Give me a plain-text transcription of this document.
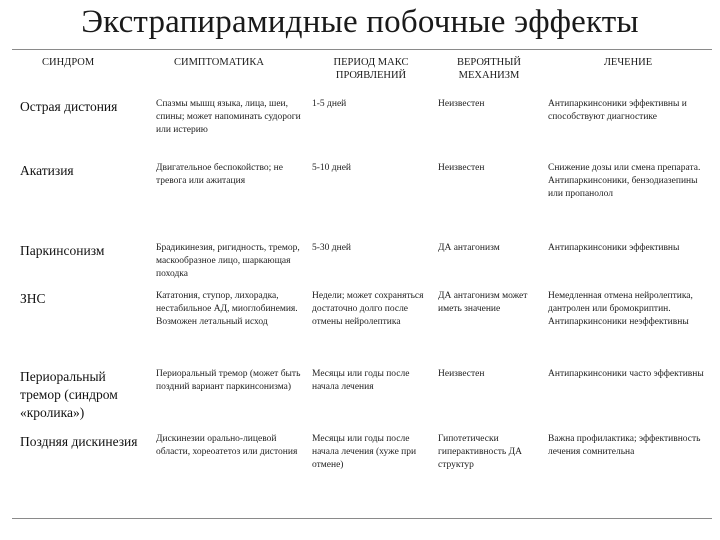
Экстрапирамидные побочные эффекты
СИНДРОМ	СИМПТОМАТИКА	ПЕРИОД МАКС ПРОЯВЛЕНИЙ	ВЕРОЯТНЫЙ МЕХАНИЗМ	ЛЕЧЕНИЕ
Острая дистония	Спазмы мышц языка, лица, шеи, спины; может напоминать судороги или истерию	1-5 дней	Неизвестен	Антипаркинсоники эффективны и способствуют диагностике
Акатизия	Двигательное беспокойство; не тревога или ажитация	5-10 дней	Неизвестен	Снижение дозы или смена препарата. Антипаркинсоники, бензодиазепины или пропанолол
Паркинсонизм	Брадикинезия, ригидность, тремор, маскообразное лицо, шаркающая походка	5-30 дней	ДА антагонизм	Антипаркинсоники эффективны
ЗНС	Кататония, ступор, лихорадка, нестабильное АД, миоглобинемия. Возможен летальный исход	Недели; может сохраняться достаточно долго после отмены нейролептика	ДА антагонизм может иметь значение	Немедленная отмена нейролептика, дантролен или бромокриптин. Антипаркинсоники неэффективны
Периоральный тремор (синдром «кролика»)	Периоральный тремор (может быть поздний вариант паркинсонизма)	Месяцы или годы после начала лечения	Неизвестен	Антипаркинсоники часто эффективны
Поздняя дискинезия	Дискинезии орально-лицевой области, хореоатетоз или дистония	Месяцы или годы после начала лечения (хуже при отмене)	Гипотетически гиперактивность ДА структур	Важна профилактика; эффективность лечения сомнительна
